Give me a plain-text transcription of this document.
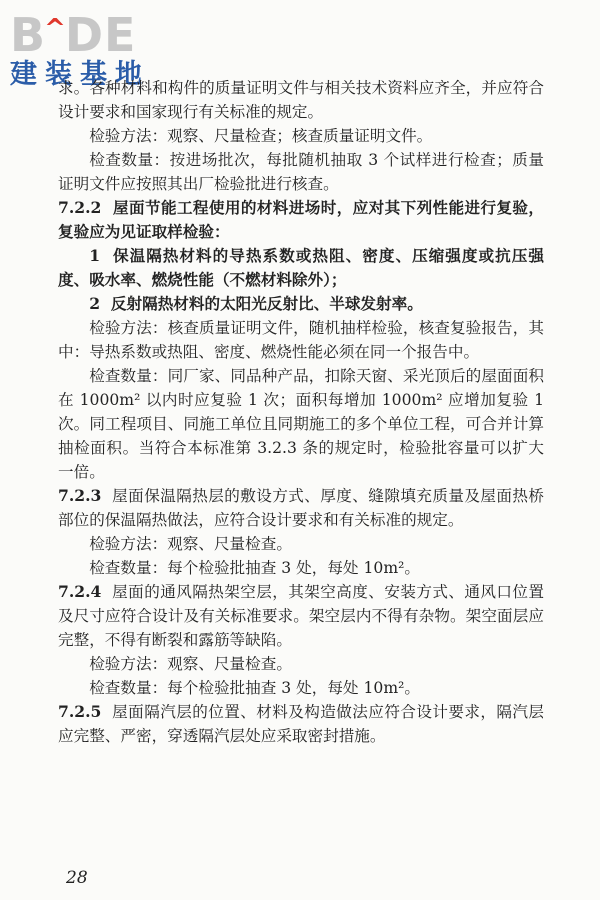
B^DE
建装基地

求。各种材料和构件的质量证明文件与相关技术资料应齐全，并应符合设计要求和国家现行有关标准的规定。

检验方法：观察、尺量检查；核查质量证明文件。

检查数量：按进场批次，每批随机抽取 3 个试样进行检查；质量证明文件应按照其出厂检验批进行核查。

7.2.2 屋面节能工程使用的材料进场时，应对其下列性能进行复验，复验应为见证取样检验：

1 保温隔热材料的导热系数或热阻、密度、压缩强度或抗压强度、吸水率、燃烧性能（不燃材料除外）；

2 反射隔热材料的太阳光反射比、半球发射率。

检验方法：核查质量证明文件，随机抽样检验，核查复验报告，其中：导热系数或热阻、密度、燃烧性能必须在同一个报告中。

检查数量：同厂家、同品种产品，扣除天窗、采光顶后的屋面面积在 1000m² 以内时应复验 1 次；面积每增加 1000m² 应增加复验 1 次。同工程项目、同施工单位且同期施工的多个单位工程，可合并计算抽检面积。当符合本标准第 3.2.3 条的规定时，检验批容量可以扩大一倍。

7.2.3 屋面保温隔热层的敷设方式、厚度、缝隙填充质量及屋面热桥部位的保温隔热做法，应符合设计要求和有关标准的规定。

检验方法：观察、尺量检查。

检查数量：每个检验批抽查 3 处，每处 10m²。

7.2.4 屋面的通风隔热架空层，其架空高度、安装方式、通风口位置及尺寸应符合设计及有关标准要求。架空层内不得有杂物。架空面层应完整，不得有断裂和露筋等缺陷。

检验方法：观察、尺量检查。

检查数量：每个检验批抽查 3 处，每处 10m²。

7.2.5 屋面隔汽层的位置、材料及构造做法应符合设计要求，隔汽层应完整、严密，穿透隔汽层处应采取密封措施。

28
